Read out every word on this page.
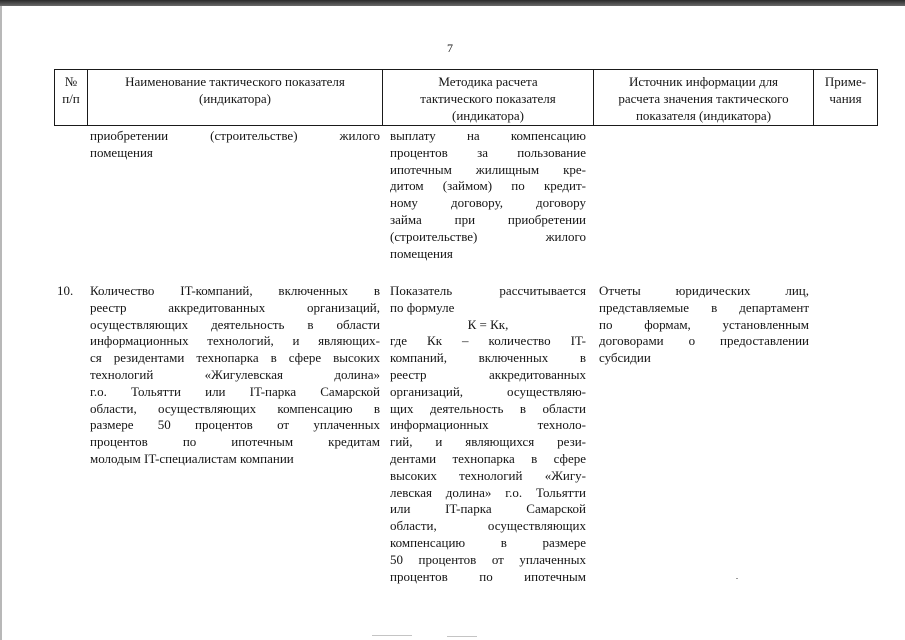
7
№
п/п
Наименование тактического показателя
(индикатора)
Методика расчета
тактического показателя
(индикатора)
Источник информации для
расчета значения тактического
показателя (индикатора)
Приме-
чания
приобретении (строительстве) жилого
помещения
выплату на компенсацию
процентов за пользование
ипотечным жилищным кре-
дитом (займом) по кредит-
ному договору, договору
займа при приобретении
(строительстве) жилого
помещения
10. Количество IT-компаний, включенных в
реестр аккредитованных организаций,
осуществляющих деятельность в области
информационных технологий, и являющих-
ся резидентами технопарка в сфере высоких
технологий «Жигулевская долина»
г.о. Тольятти или IT-парка Самарской
области, осуществляющих компенсацию в
размере 50 процентов от уплаченных
процентов по ипотечным кредитам
молодым IT-специалистам компании
Показатель рассчитывается
по формуле
К = Кк,
где Кк – количество IT-
компаний, включенных в
реестр аккредитованных
организаций, осуществляю-
щих деятельность в области
информационных техноло-
гий, и являющихся рези-
дентами технопарка в сфере
высоких технологий «Жигу-
левская долина» г.о. Тольятти
или IT-парка Самарской
области, осуществляющих
компенсацию в размере
50 процентов от уплаченных
процентов по ипотечным
Отчеты юридических лиц,
представляемые в департамент
по формам, установленным
договорами о предоставлении
субсидии
